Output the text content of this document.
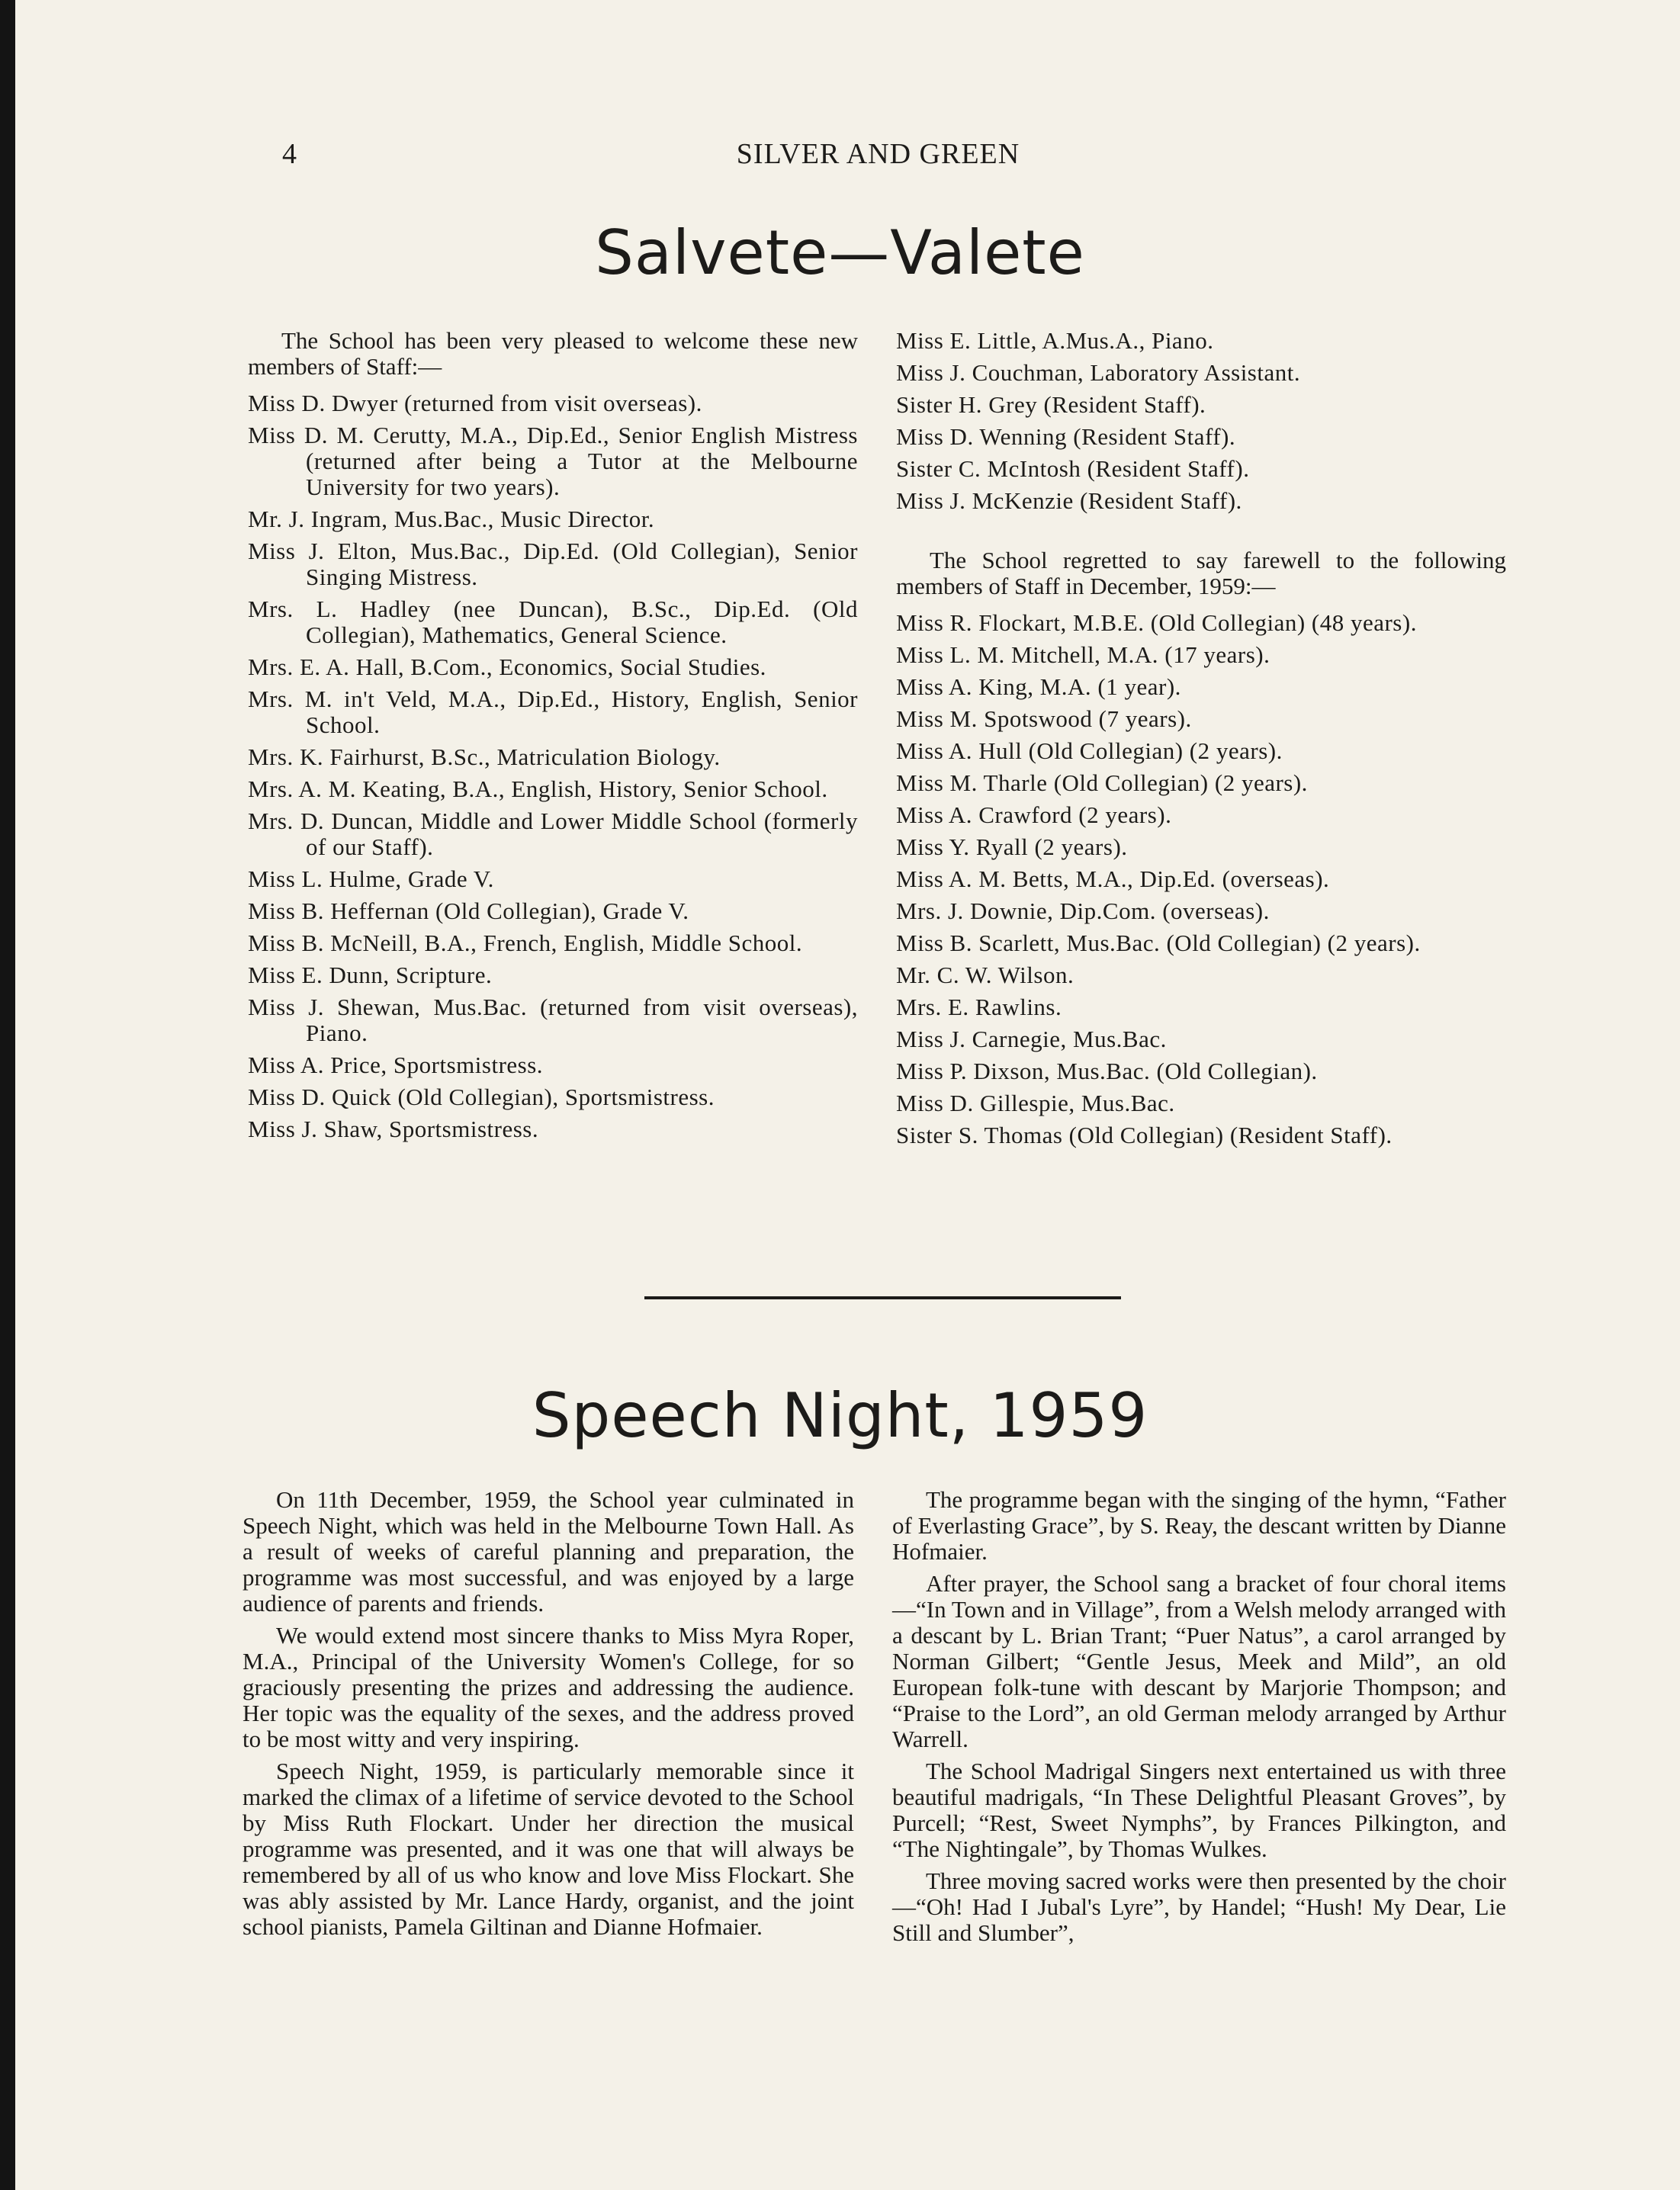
4	SILVER AND GREEN
Salvete—Valete

The School has been very pleased to welcome these new members of Staff:—

Miss D. Dwyer (returned from visit overseas).

Miss D. M. Cerutty, M.A., Dip.Ed., Senior English Mistress (returned after being a Tutor at the Melbourne University for two years).

Mr. J. Ingram, Mus.Bac., Music Director.

Miss J. Elton, Mus.Bac., Dip.Ed. (Old Collegian), Senior Singing Mistress.

Mrs. L. Hadley (nee Duncan), B.Sc., Dip.Ed. (Old Collegian), Mathematics, General Science.

Mrs. E. A. Hall, B.Com., Economics, Social Studies.

Mrs. M. in't Veld, M.A., Dip.Ed., History, English, Senior School.

Mrs. K. Fairhurst, B.Sc., Matriculation Biology.

Mrs. A. M. Keating, B.A., English, History, Senior School.

Mrs. D. Duncan, Middle and Lower Middle School (formerly of our Staff).

Miss L. Hulme, Grade V.

Miss B. Heffernan (Old Collegian), Grade V.

Miss B. McNeill, B.A., French, English, Middle School.

Miss E. Dunn, Scripture.

Miss J. Shewan, Mus.Bac. (returned from visit overseas), Piano.

Miss A. Price, Sportsmistress.

Miss D. Quick (Old Collegian), Sportsmistress.

Miss J. Shaw, Sportsmistress.

Miss E. Little, A.Mus.A., Piano.

Miss J. Couchman, Laboratory Assistant.

Sister H. Grey (Resident Staff).

Miss D. Wenning (Resident Staff).

Sister C. McIntosh (Resident Staff).

Miss J. McKenzie (Resident Staff).

The School regretted to say farewell to the following members of Staff in December, 1959:—

Miss R. Flockart, M.B.E. (Old Collegian) (48 years).

Miss L. M. Mitchell, M.A. (17 years).

Miss A. King, M.A. (1 year).

Miss M. Spotswood (7 years).

Miss A. Hull (Old Collegian) (2 years).

Miss M. Tharle (Old Collegian) (2 years).

Miss A. Crawford (2 years).

Miss Y. Ryall (2 years).

Miss A. M. Betts, M.A., Dip.Ed. (overseas).

Mrs. J. Downie, Dip.Com. (overseas).

Miss B. Scarlett, Mus.Bac. (Old Collegian) (2 years).

Mr. C. W. Wilson.

Mrs. E. Rawlins.

Miss J. Carnegie, Mus.Bac.

Miss P. Dixson, Mus.Bac. (Old Collegian).

Miss D. Gillespie, Mus.Bac.

Sister S. Thomas (Old Collegian) (Resident Staff).

Speech Night, 1959

On 11th December, 1959, the School year culminated in Speech Night, which was held in the Melbourne Town Hall. As a result of weeks of careful planning and preparation, the programme was most successful, and was enjoyed by a large audience of parents and friends.

We would extend most sincere thanks to Miss Myra Roper, M.A., Principal of the University Women's College, for so graciously presenting the prizes and addressing the audience. Her topic was the equality of the sexes, and the address proved to be most witty and very inspiring.

Speech Night, 1959, is particularly memorable since it marked the climax of a lifetime of service devoted to the School by Miss Ruth Flockart. Under her direction the musical programme was presented, and it was one that will always be remembered by all of us who know and love Miss Flockart. She was ably assisted by Mr. Lance Hardy, organist, and the joint school pianists, Pamela Giltinan and Dianne Hofmaier.

The programme began with the singing of the hymn, “Father of Everlasting Grace”, by S. Reay, the descant written by Dianne Hofmaier.

After prayer, the School sang a bracket of four choral items—“In Town and in Village”, from a Welsh melody arranged with a descant by L. Brian Trant; “Puer Natus”, a carol arranged by Norman Gilbert; “Gentle Jesus, Meek and Mild”, an old European folk-tune with descant by Marjorie Thompson; and “Praise to the Lord”, an old German melody arranged by Arthur Warrell.

The School Madrigal Singers next entertained us with three beautiful madrigals, “In These Delightful Pleasant Groves”, by Purcell; “Rest, Sweet Nymphs”, by Frances Pilkington, and “The Nightingale”, by Thomas Wulkes.

Three moving sacred works were then presented by the choir—“Oh! Had I Jubal's Lyre”, by Handel; “Hush! My Dear, Lie Still and Slumber”,
